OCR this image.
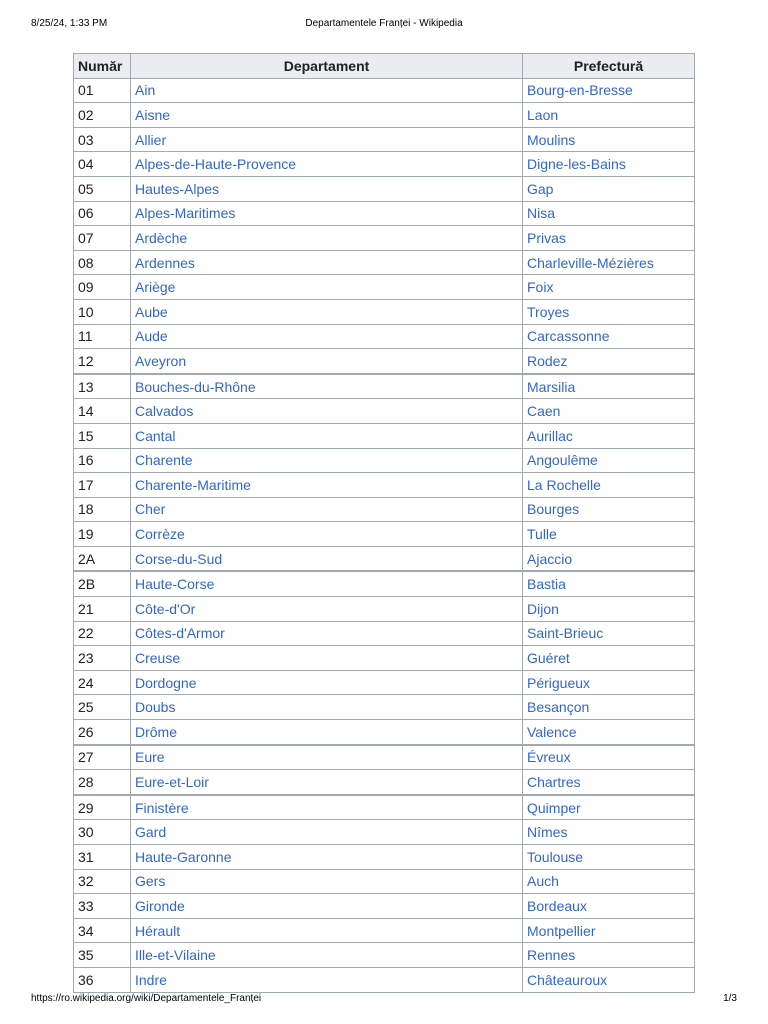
8/25/24, 1:33 PM	Departamentele Franței - Wikipedia
Număr	Departament	Prefectură
01	Ain	Bourg-en-Bresse
02	Aisne	Laon
03	Allier	Moulins
04	Alpes-de-Haute-Provence	Digne-les-Bains
05	Hautes-Alpes	Gap
06	Alpes-Maritimes	Nisa
07	Ardèche	Privas
08	Ardennes	Charleville-Mézières
09	Ariège	Foix
10	Aube	Troyes
11	Aude	Carcassonne
12	Aveyron	Rodez
13	Bouches-du-Rhône	Marsilia
14	Calvados	Caen
15	Cantal	Aurillac
16	Charente	Angoulême
17	Charente-Maritime	La Rochelle
18	Cher	Bourges
19	Corrèze	Tulle
2A	Corse-du-Sud	Ajaccio
2B	Haute-Corse	Bastia
21	Côte-d'Or	Dijon
22	Côtes-d'Armor	Saint-Brieuc
23	Creuse	Guéret
24	Dordogne	Périgueux
25	Doubs	Besançon
26	Drôme	Valence
27	Eure	Évreux
28	Eure-et-Loir	Chartres
29	Finistère	Quimper
30	Gard	Nîmes
31	Haute-Garonne	Toulouse
32	Gers	Auch
33	Gironde	Bordeaux
34	Hérault	Montpellier
35	Ille-et-Vilaine	Rennes
36	Indre	Châteauroux
https://ro.wikipedia.org/wiki/Departamentele_Franței	1/3
